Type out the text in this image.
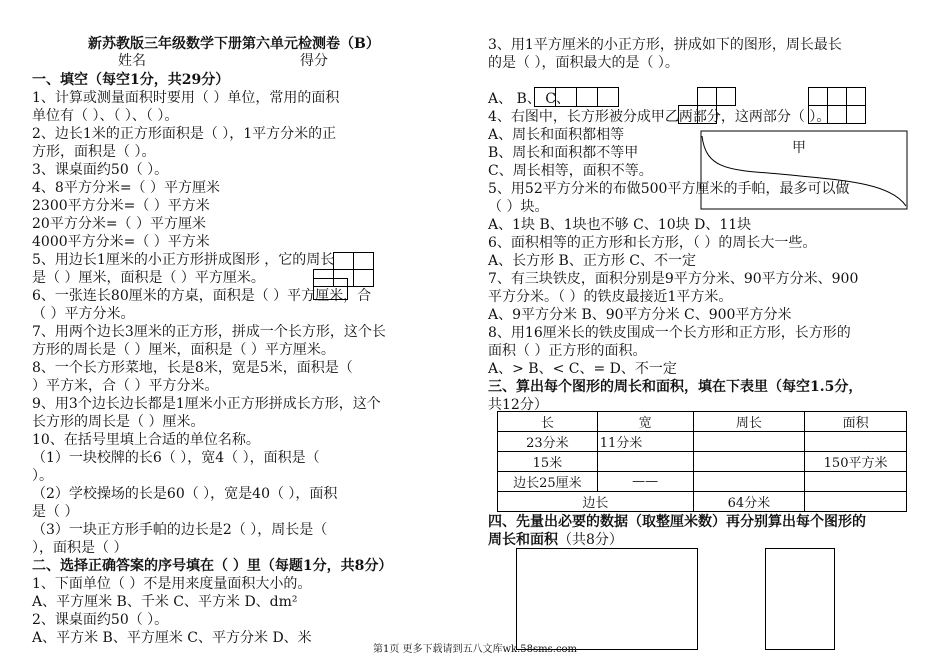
新苏教版三年级数学下册第六单元检测卷（B）
姓名	得分
一、填空（每空1分，共29分）
1、计算或测量面积时要用（ ）单位，常用的面积
单位有（ ）、（ ）、（ ）。
2、边长1米的正方形面积是（ ），1平方分米的正
方形，面积是（ ）。
3、课桌面约50（ ）。
4、8平方分米=（ ）平方厘米
2300平方分米=（ ）平方米
20平方分米=（ ）平方厘米
4000平方分米=（ ）平方米
5、用边长1厘米的小正方形拼成图形 ，它的周长
是（ ）厘米，面积是（ ）平方厘米。
6、一张连长80厘米的方桌，面积是（ ）平方厘米，合
（ ）平方分米。
7、用两个边长3厘米的正方形，拼成一个长方形，这个长
方形的周长是（ ）厘米，面积是（ ）平方厘米。
8、一个长方形菜地，长是8米，宽是5米，面积是（
）平方米，合（ ）平方分米。
9、用3个边长边长都是1厘米小正方形拼成长方形，这个
长方形的周长是（ ）厘米。
10、在括号里填上合适的单位名称。
（1）一块校牌的长6（ ），宽4（ ），面积是（
）。
（2）学校操场的长是60（ ），宽是40（ ），面积
是（ ）
（3）一块正方形手帕的边长是2（ ），周长是（
），面积是（ ）
二、选择正确答案的序号填在（ ）里（每题1分，共8分）
1、下面单位（ ）不是用来度量面积大小的。
A、平方厘米 B、千米 C、平方米 D、dm²
2、课桌面约50（ ）。
A、平方米 B、平方厘米 C、平方分米 D、米

3、用1平方厘米的小正方形，拼成如下的图形，周长最长
的是（ ），面积最大的是（ ）。
A、 B、 C、
4、右图中，长方形被分成甲乙两部分，这两部分（ ）。
A、周长和面积都相等
B、周长和面积都不等甲
C、周长相等，面积不等。
5、用52平方分米的布做500平方厘米的手帕，最多可以做
（ ）块。
A、1块 B、1块也不够 C、10块 D、11块
6、面积相等的正方形和长方形，（ ）的周长大一些。
A、长方形 B、正方形 C、不一定
7、有三块铁皮，面积分别是9平方分米、90平方分米、900
平方分米。（ ）的铁皮最接近1平方米。
A、9平方分米 B、90平方分米 C、900平方分米
8、用16厘米长的铁皮围成一个长方形和正方形，长方形的
面积（ ）正方形的面积。
A、> B、< C、= D、不一定
三、算出每个图形的周长和面积，填在下表里（每空1.5分，
共12分）

甲
长	宽	周长	面积
23分米	11分米		
15米			150平方米
边长25厘米	——		
边长		64分米	
四、先量出必要的数据（取整厘米数）再分别算出每个图形的
周长和面积（共8分）
第1页 更多下载请到五八文库wk.58sms.com
